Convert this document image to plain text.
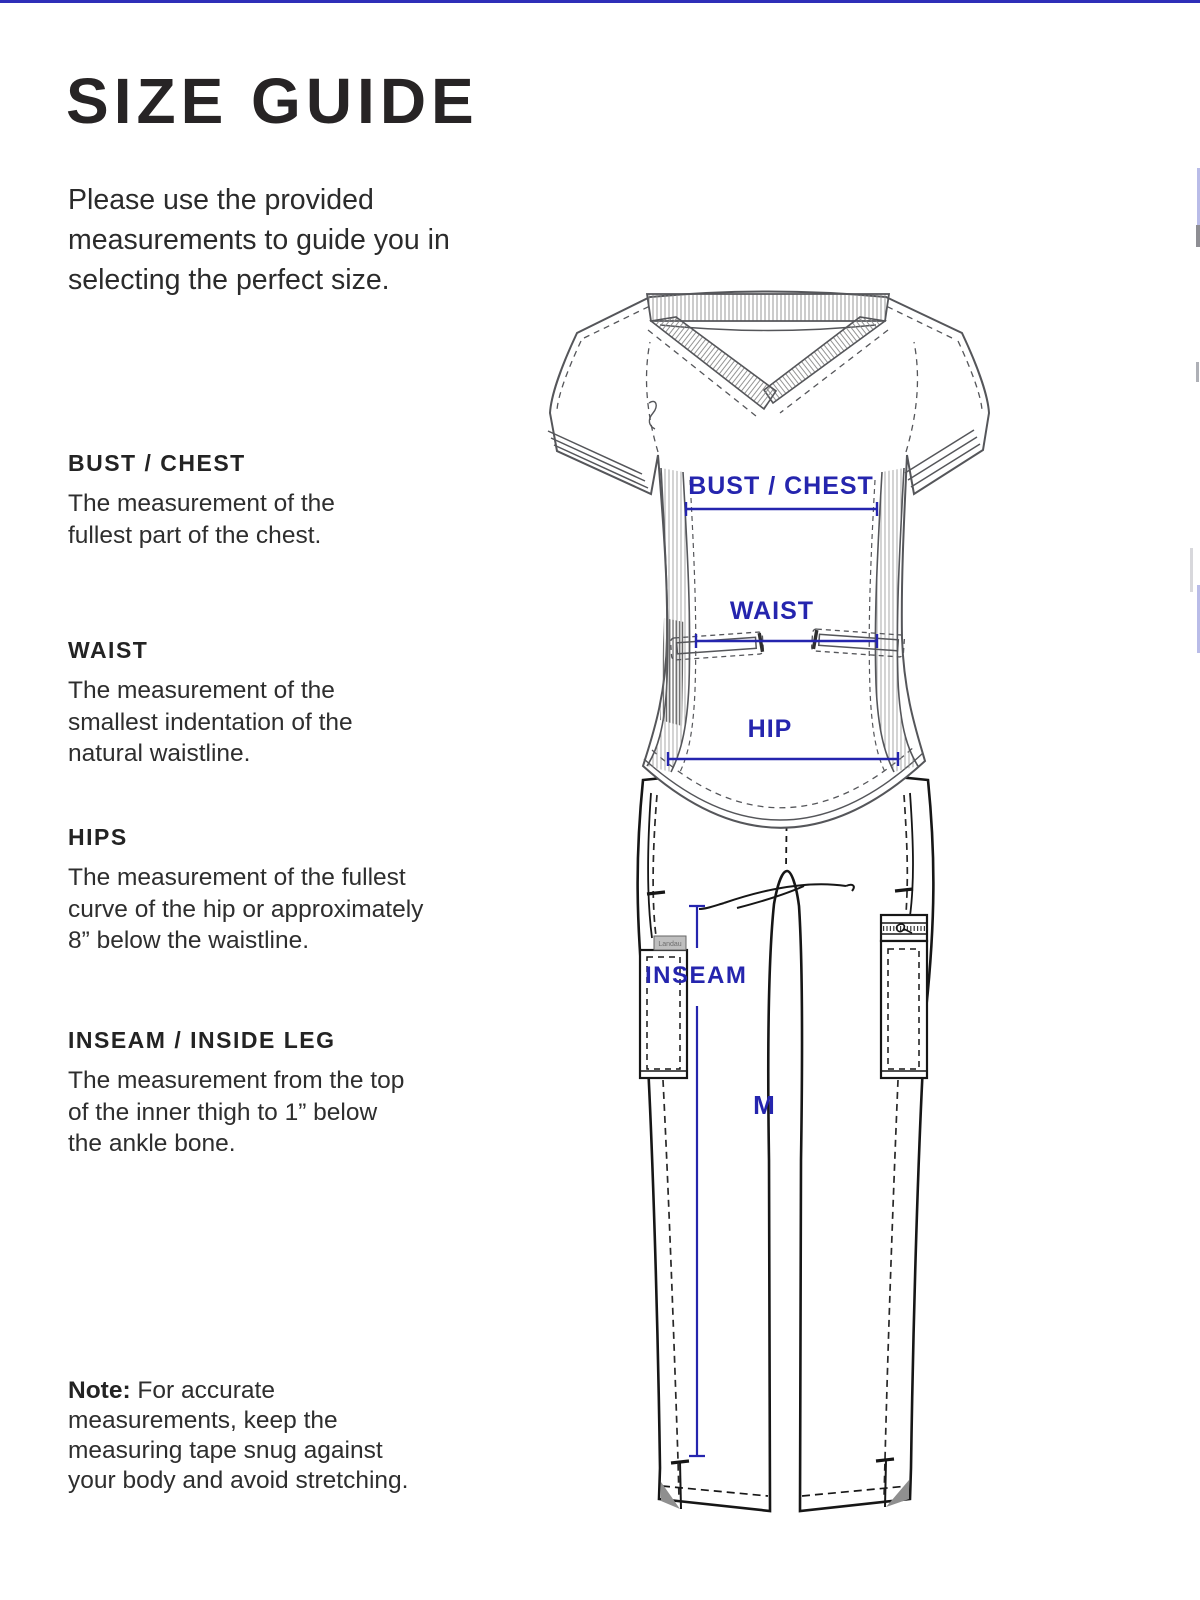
SIZE GUIDE
Please use the provided measurements to guide you in selecting the perfect size.
BUST / CHEST

The measurement of the fullest part of the chest.

WAIST

The measurement of the smallest indentation of the natural waistline.

HIPS

The measurement of the fullest curve of the hip or approximately 8” below the waistline.

INSEAM / INSIDE LEG

The measurement from the top of the inner thigh to 1” below the ankle bone.

Note: For accurate measurements, keep the measuring tape snug against your body and avoid stretching.
Landau
BUST / CHEST
WAIST
HIP
INSEAM
M
